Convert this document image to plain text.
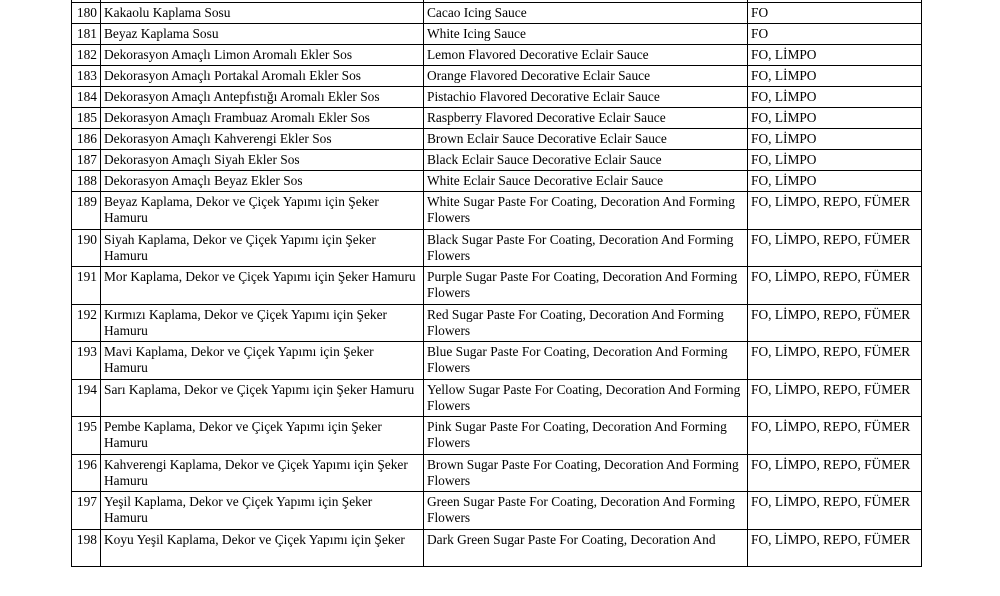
180	Kakaolu Kaplama Sosu	Cacao Icing Sauce	FO
181	Beyaz Kaplama Sosu	White Icing Sauce	FO
182	Dekorasyon Amaçlı Limon Aromalı Ekler Sos	Lemon Flavored Decorative Eclair Sauce	FO, LİMPO
183	Dekorasyon Amaçlı Portakal Aromalı Ekler Sos	Orange Flavored Decorative Eclair Sauce	FO, LİMPO
184	Dekorasyon Amaçlı Antepfıstığı Aromalı Ekler Sos	Pistachio Flavored Decorative Eclair Sauce	FO, LİMPO
185	Dekorasyon Amaçlı Frambuaz Aromalı Ekler Sos	Raspberry Flavored Decorative Eclair Sauce	FO, LİMPO
186	Dekorasyon Amaçlı Kahverengi Ekler Sos	Brown Eclair Sauce Decorative Eclair Sauce	FO, LİMPO
187	Dekorasyon Amaçlı Siyah Ekler Sos	Black Eclair Sauce Decorative Eclair Sauce	FO, LİMPO
188	Dekorasyon Amaçlı Beyaz Ekler Sos	White Eclair Sauce Decorative Eclair Sauce	FO, LİMPO
189	Beyaz Kaplama, Dekor ve Çiçek Yapımı için Şeker Hamuru	White Sugar Paste For Coating, Decoration And Forming Flowers	FO, LİMPO, REPO, FÜMER
190	Siyah Kaplama, Dekor ve Çiçek Yapımı için Şeker Hamuru	Black Sugar Paste For Coating, Decoration And Forming Flowers	FO, LİMPO, REPO, FÜMER
191	Mor Kaplama, Dekor ve Çiçek Yapımı için Şeker Hamuru	Purple Sugar Paste For Coating, Decoration And Forming Flowers	FO, LİMPO, REPO, FÜMER
192	Kırmızı Kaplama, Dekor ve Çiçek Yapımı için Şeker Hamuru	Red Sugar Paste For Coating, Decoration And Forming Flowers	FO, LİMPO, REPO, FÜMER
193	Mavi Kaplama, Dekor ve Çiçek Yapımı için Şeker Hamuru	Blue Sugar Paste For Coating, Decoration And Forming Flowers	FO, LİMPO, REPO, FÜMER
194	Sarı Kaplama, Dekor ve Çiçek Yapımı için Şeker Hamuru	Yellow Sugar Paste For Coating, Decoration And Forming Flowers	FO, LİMPO, REPO, FÜMER
195	Pembe Kaplama, Dekor ve Çiçek Yapımı için Şeker Hamuru	Pink Sugar Paste For Coating, Decoration And Forming Flowers	FO, LİMPO, REPO, FÜMER
196	Kahverengi Kaplama, Dekor ve Çiçek Yapımı için Şeker Hamuru	Brown Sugar Paste For Coating, Decoration And Forming Flowers	FO, LİMPO, REPO, FÜMER
197	Yeşil Kaplama, Dekor ve Çiçek Yapımı için Şeker Hamuru	Green Sugar Paste For Coating, Decoration And Forming Flowers	FO, LİMPO, REPO, FÜMER
198	Koyu Yeşil Kaplama, Dekor ve Çiçek Yapımı için Şeker	Dark Green Sugar Paste For Coating, Decoration And	FO, LİMPO, REPO, FÜMER
